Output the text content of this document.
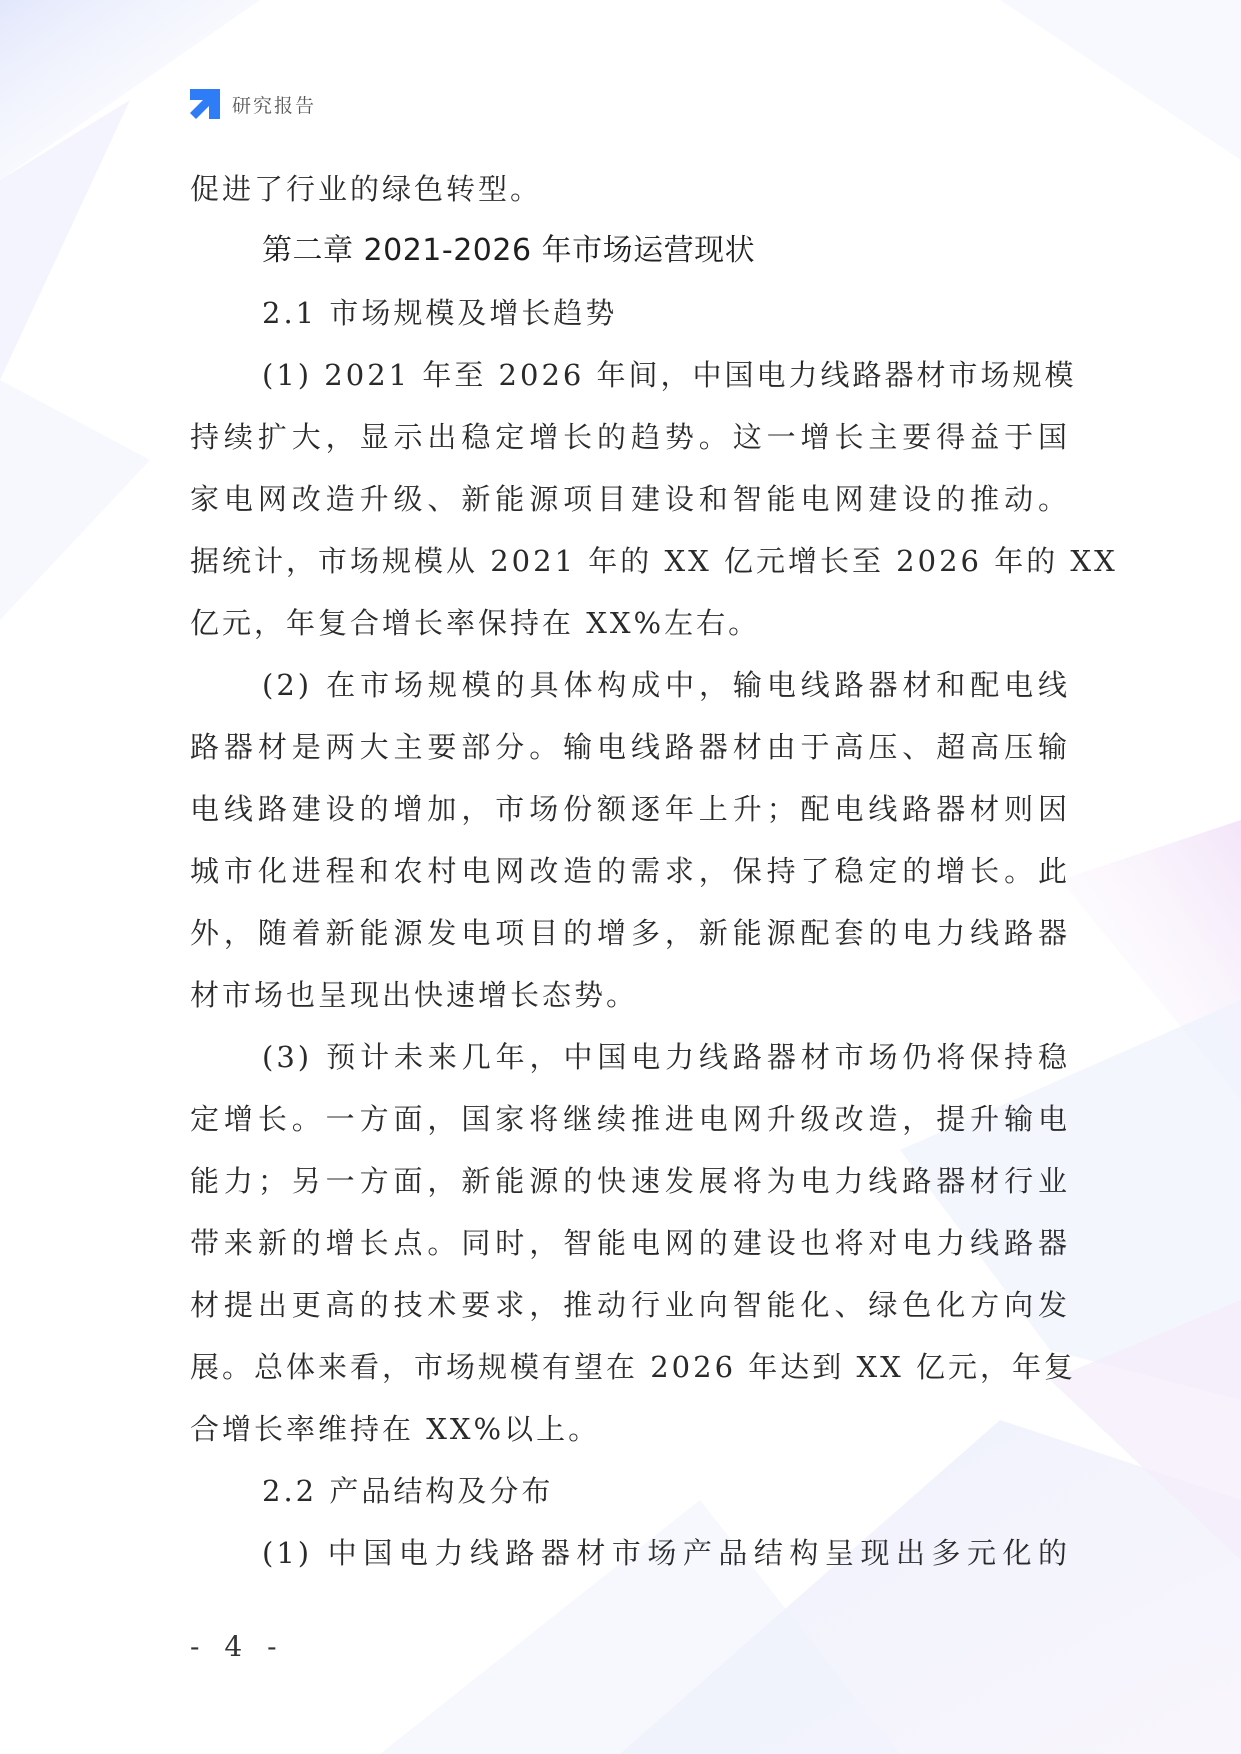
研究报告
促进了行业的绿色转型。
第二章 2021-2026 年市场运营现状
2.1 市场规模及增长趋势
(1) 2021 年至 2026 年间，中国电力线路器材市场规模
持续扩大，显示出稳定增长的趋势。这一增长主要得益于国
家电网改造升级、新能源项目建设和智能电网建设的推动。
据统计，市场规模从 2021 年的 XX 亿元增长至 2026 年的 XX
亿元，年复合增长率保持在 XX%左右。
(2) 在市场规模的具体构成中，输电线路器材和配电线
路器材是两大主要部分。输电线路器材由于高压、超高压输
电线路建设的增加，市场份额逐年上升；配电线路器材则因
城市化进程和农村电网改造的需求，保持了稳定的增长。此
外，随着新能源发电项目的增多，新能源配套的电力线路器
材市场也呈现出快速增长态势。
(3) 预计未来几年，中国电力线路器材市场仍将保持稳
定增长。一方面，国家将继续推进电网升级改造，提升输电
能力；另一方面，新能源的快速发展将为电力线路器材行业
带来新的增长点。同时，智能电网的建设也将对电力线路器
材提出更高的技术要求，推动行业向智能化、绿色化方向发
展。总体来看，市场规模有望在 2026 年达到 XX 亿元，年复
合增长率维持在 XX%以上。
2.2 产品结构及分布
(1) 中国电力线路器材市场产品结构呈现出多元化的
- 4 -
